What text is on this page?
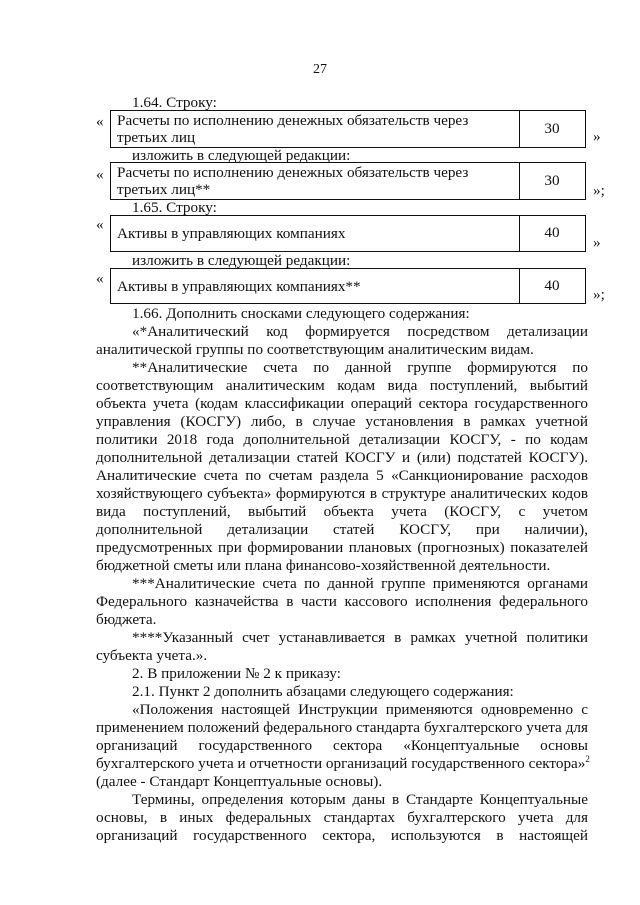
27
1.64. Строку:
« Расчеты по исполнению денежных обязательств через
третьих лиц
30	»
изложить в следующей редакции:
« Расчеты по исполнению денежных обязательств через
третьих лиц**
30
»;
1.65. Строку:
«
Активы в управляющих компаниях	40
»
изложить в следующей редакции:
« Активы в управляющих компаниях**	40
»;
1.66. Дополнить сносками следующего содержания:
«*Аналитический код формируется посредством детализации
аналитической группы по соответствующим аналитическим видам.
**Аналитические счета по данной группе формируются по
соответствующим аналитическим кодам вида поступлений, выбытий
объекта учета (кодам классификации операций сектора государственного
управления (КОСГУ) либо, в случае установления в рамках учетной
политики 2018 года дополнительной детализации КОСГУ, - по кодам
дополнительной детализации статей КОСГУ и (или) подстатей КОСГУ).
Аналитические счета по счетам раздела 5 «Санкционирование расходов
хозяйствующего субъекта» формируются в структуре аналитических кодов
вида поступлений, выбытий объекта учета (КОСГУ, с учетом
дополнительной детализации статей КОСГУ, при наличии),
предусмотренных при формировании плановых (прогнозных) показателей
бюджетной сметы или плана финансово-хозяйственной деятельности.
***Аналитические счета по данной группе применяются органами
Федерального казначейства в части кассового исполнения федерального
бюджета.
****Указанный счет устанавливается в рамках учетной политики
субъекта учета.».
2. В приложении № 2 к приказу:
2.1. Пункт 2 дополнить абзацами следующего содержания:
«Положения настоящей Инструкции применяются одновременно с
применением положений федерального стандарта бухгалтерского учета для
организаций государственного сектора «Концептуальные основы
бухгалтерского учета и отчетности организаций государственного сектора»$^2$
(далее - Стандарт Концептуальные основы).
Термины, определения которым даны в Стандарте Концептуальные
основы, в иных федеральных стандартах бухгалтерского учета для
организаций государственного сектора, используются в настоящей
